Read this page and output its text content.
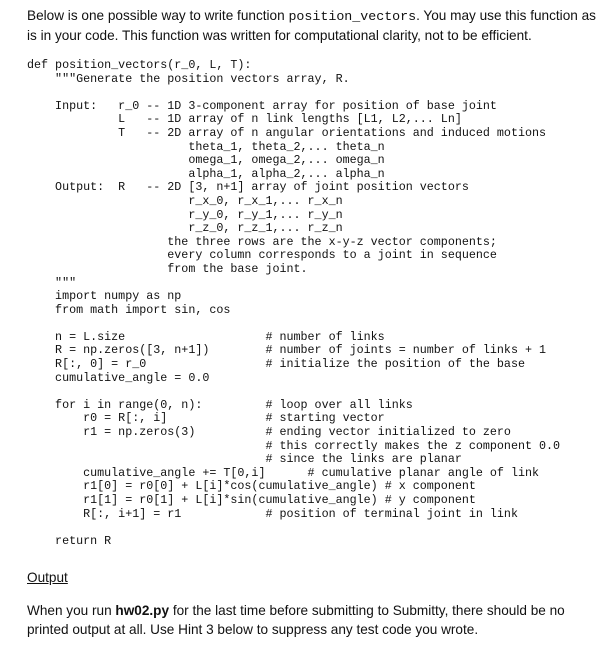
Below is one possible way to write function position_vectors. You may use this function as is in your code. This function was written for computational clarity, not to be efficient.
def position_vectors(r_0, L, T):
"""Generate the position vectors array, R.

Input:   r_0 -- 1D 3-component array for position of base joint
L   -- 1D array of n link lengths [L1, L2,... Ln]
T   -- 2D array of n angular orientations and induced motions
theta_1, theta_2,... theta_n
omega_1, omega_2,... omega_n
alpha_1, alpha_2,... alpha_n
Output:  R   -- 2D [3, n+1] array of joint position vectors
r_x_0, r_x_1,... r_x_n
r_y_0, r_y_1,... r_y_n
r_z_0, r_z_1,... r_z_n
the three rows are the x-y-z vector components;
every column corresponds to a joint in sequence
from the base joint.
"""
import numpy as np
from math import sin, cos

n = L.size                    # number of links
R = np.zeros([3, n+1])        # number of joints = number of links + 1
R[:, 0] = r_0                 # initialize the position of the base
cumulative_angle = 0.0

for i in range(0, n):         # loop over all links
r0 = R[:, i]              # starting vector
r1 = np.zeros(3)          # ending vector initialized to zero
# this correctly makes the z component 0.0
# since the links are planar
cumulative_angle += T[0,i]      # cumulative planar angle of link
r1[0] = r0[0] + L[i]*cos(cumulative_angle) # x component
r1[1] = r0[1] + L[i]*sin(cumulative_angle) # y component
R[:, i+1] = r1            # position of terminal joint in link

return R
Output
When you run hw02.py for the last time before submitting to Submitty, there should be no printed output at all. Use Hint 3 below to suppress any test code you wrote.
